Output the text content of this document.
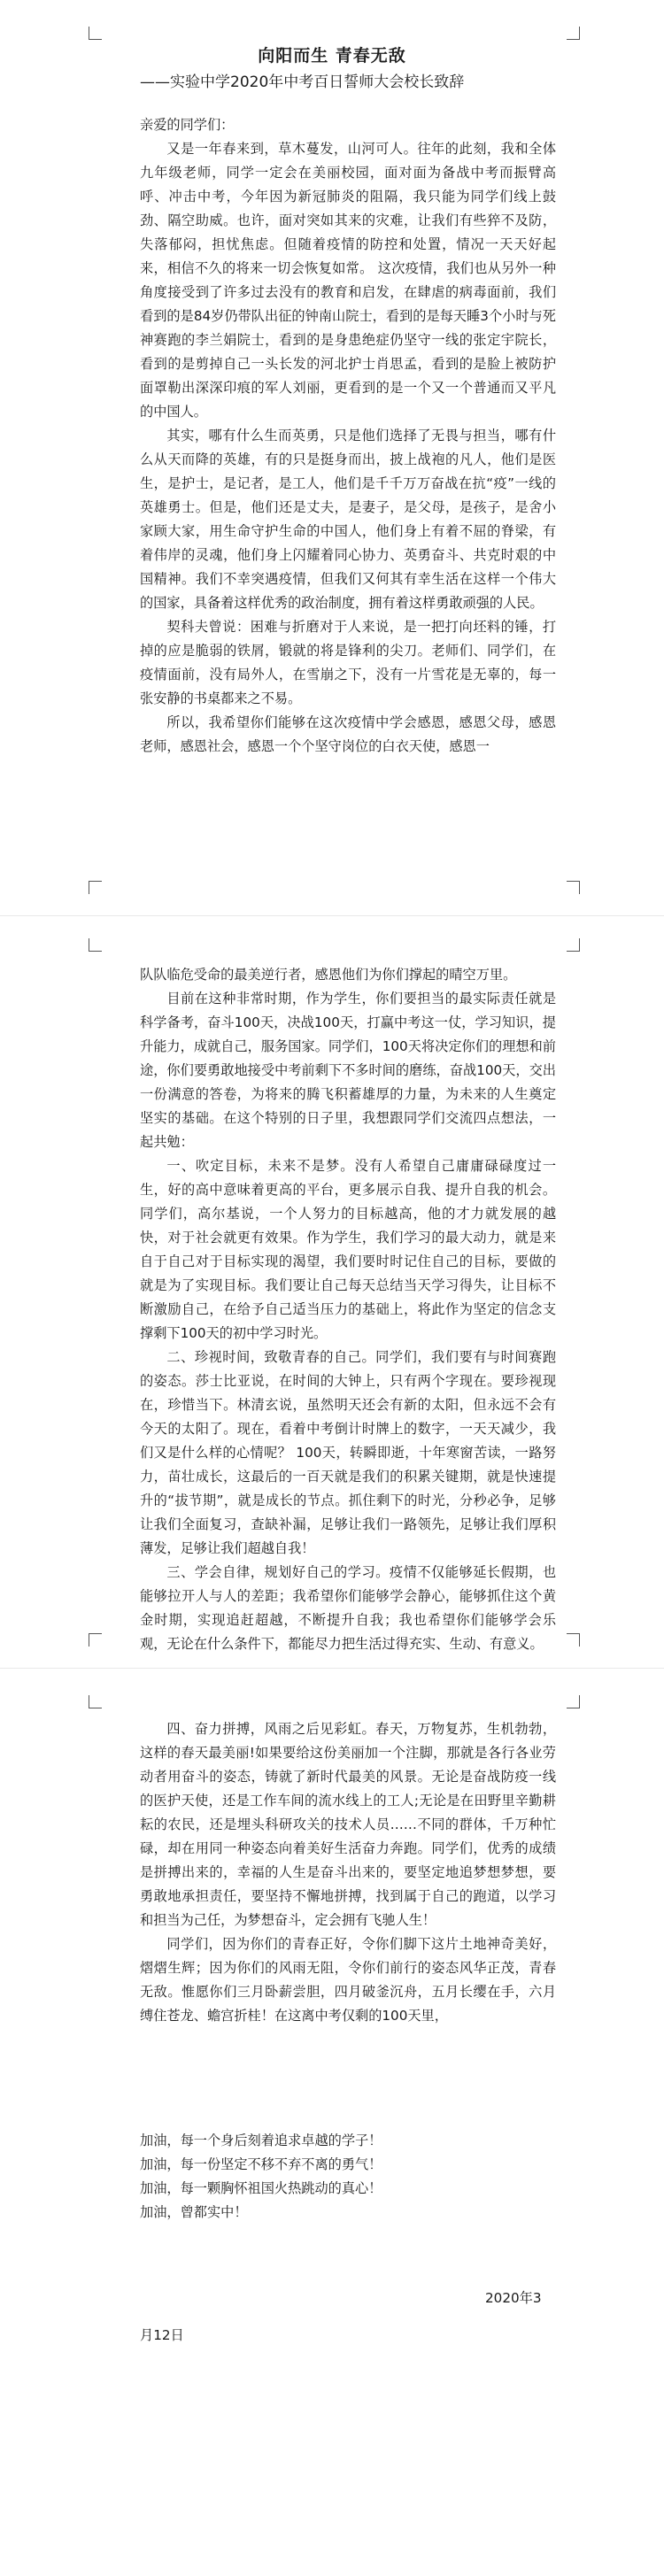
向阳而生 青春无敌
——实验中学2020年中考百日誓师大会校长致辞

亲爱的同学们：

又是一年春来到，草木蔓发，山河可人。往年的此刻，我和全体九年级老师，同学一定会在美丽校园，面对面为备战中考而振臂高呼、冲击中考，今年因为新冠肺炎的阻隔，我只能为同学们线上鼓劲、隔空助威。也许，面对突如其来的灾难，让我们有些猝不及防，失落郁闷，担忧焦虑。但随着疫情的防控和处置，情况一天天好起来，相信不久的将来一切会恢复如常。 这次疫情，我们也从另外一种角度接受到了许多过去没有的教育和启发，在肆虐的病毒面前，我们看到的是84岁仍带队出征的钟南山院士，看到的是每天睡3个小时与死神赛跑的李兰娟院士，看到的是身患绝症仍坚守一线的张定宇院长，看到的是剪掉自己一头长发的河北护士肖思孟，看到的是脸上被防护面罩勒出深深印痕的军人刘丽，更看到的是一个又一个普通而又平凡的中国人。

其实，哪有什么生而英勇，只是他们选择了无畏与担当，哪有什么从天而降的英雄，有的只是挺身而出，披上战袍的凡人，他们是医生，是护士，是记者，是工人，他们是千千万万奋战在抗“疫”一线的英雄勇士。但是，他们还是丈夫，是妻子，是父母，是孩子，是舍小家顾大家，用生命守护生命的中国人，他们身上有着不屈的脊梁，有着伟岸的灵魂，他们身上闪耀着同心协力、英勇奋斗、共克时艰的中国精神。我们不幸突遇疫情，但我们又何其有幸生活在这样一个伟大的国家，具备着这样优秀的政治制度，拥有着这样勇敢顽强的人民。

契科夫曾说：困难与折磨对于人来说，是一把打向坯料的锤，打掉的应是脆弱的铁屑，锻就的将是锋利的尖刀。老师们、同学们，在疫情面前，没有局外人，在雪崩之下，没有一片雪花是无辜的，每一张安静的书桌都来之不易。

所以，我希望你们能够在这次疫情中学会感恩，感恩父母，感恩老师，感恩社会，感恩一个个坚守岗位的白衣天使，感恩一

队队临危受命的最美逆行者，感恩他们为你们撑起的晴空万里。

目前在这种非常时期，作为学生，你们要担当的最实际责任就是科学备考，奋斗100天，决战100天，打赢中考这一仗，学习知识，提升能力，成就自己，服务国家。同学们，100天将决定你们的理想和前途，你们要勇敢地接受中考前剩下不多时间的磨练，奋战100天，交出一份满意的答卷，为将来的腾飞积蓄雄厚的力量，为未来的人生奠定坚实的基础。在这个特别的日子里，我想跟同学们交流四点想法，一起共勉：

一、吹定目标，未来不是梦。没有人希望自己庸庸碌碌度过一生，好的高中意味着更高的平台，更多展示自我、提升自我的机会。同学们，高尔基说，一个人努力的目标越高，他的才力就发展的越快，对于社会就更有效果。作为学生，我们学习的最大动力，就是来自于自己对于目标实现的渴望，我们要时时记住自己的目标，要做的就是为了实现目标。我们要让自己每天总结当天学习得失，让目标不断激励自己，在给予自己适当压力的基础上，将此作为坚定的信念支撑剩下100天的初中学习时光。

二、珍视时间，致敬青春的自己。同学们，我们要有与时间赛跑的姿态。莎士比亚说，在时间的大钟上，只有两个字现在。要珍视现在，珍惜当下。林清玄说，虽然明天还会有新的太阳，但永远不会有今天的太阳了。现在，看着中考倒计时牌上的数字，一天天减少，我们又是什么样的心情呢？ 100天，转瞬即逝，十年寒窗苦读，一路努力，苗壮成长，这最后的一百天就是我们的积累关键期，就是快速提升的“拔节期”，就是成长的节点。抓住剩下的时光，分秒必争，足够让我们全面复习，查缺补漏，足够让我们一路领先，足够让我们厚积薄发，足够让我们超越自我！

三、学会自律，规划好自己的学习。疫情不仅能够延长假期，也能够拉开人与人的差距；我希望你们能够学会静心，能够抓住这个黄金时期，实现追赶超越，不断提升自我；我也希望你们能够学会乐观，无论在什么条件下，都能尽力把生活过得充实、生动、有意义。

四、奋力拼搏，风雨之后见彩虹。春天，万物复苏，生机勃勃，这样的春天最美丽!如果要给这份美丽加一个注脚，那就是各行各业劳动者用奋斗的姿态，铸就了新时代最美的风景。无论是奋战防疫一线的医护天使，还是工作车间的流水线上的工人;无论是在田野里辛勤耕耘的农民，还是埋头科研攻关的技术人员……不同的群体，千万种忙碌，却在用同一种姿态向着美好生活奋力奔跑。同学们，优秀的成绩是拼搏出来的，幸福的人生是奋斗出来的，要坚定地追梦想梦想，要勇敢地承担责任，要坚持不懈地拼搏，找到属于自己的跑道，以学习和担当为己任，为梦想奋斗，定会拥有飞驰人生！

同学们，因为你们的青春正好，令你们脚下这片土地神奇美好，熠熠生辉；因为你们的风雨无阻，令你们前行的姿态风华正茂，青春无敌。惟愿你们三月卧薪尝胆，四月破釜沉舟，五月长缨在手，六月缚住苍龙、蟾宫折桂！在这离中考仅剩的100天里，

加油，每一个身后刻着追求卓越的学子！
加油，每一份坚定不移不弃不离的勇气！
加油，每一颗胸怀祖国火热跳动的真心！
加油，曾都实中！
2020年3
月12日
